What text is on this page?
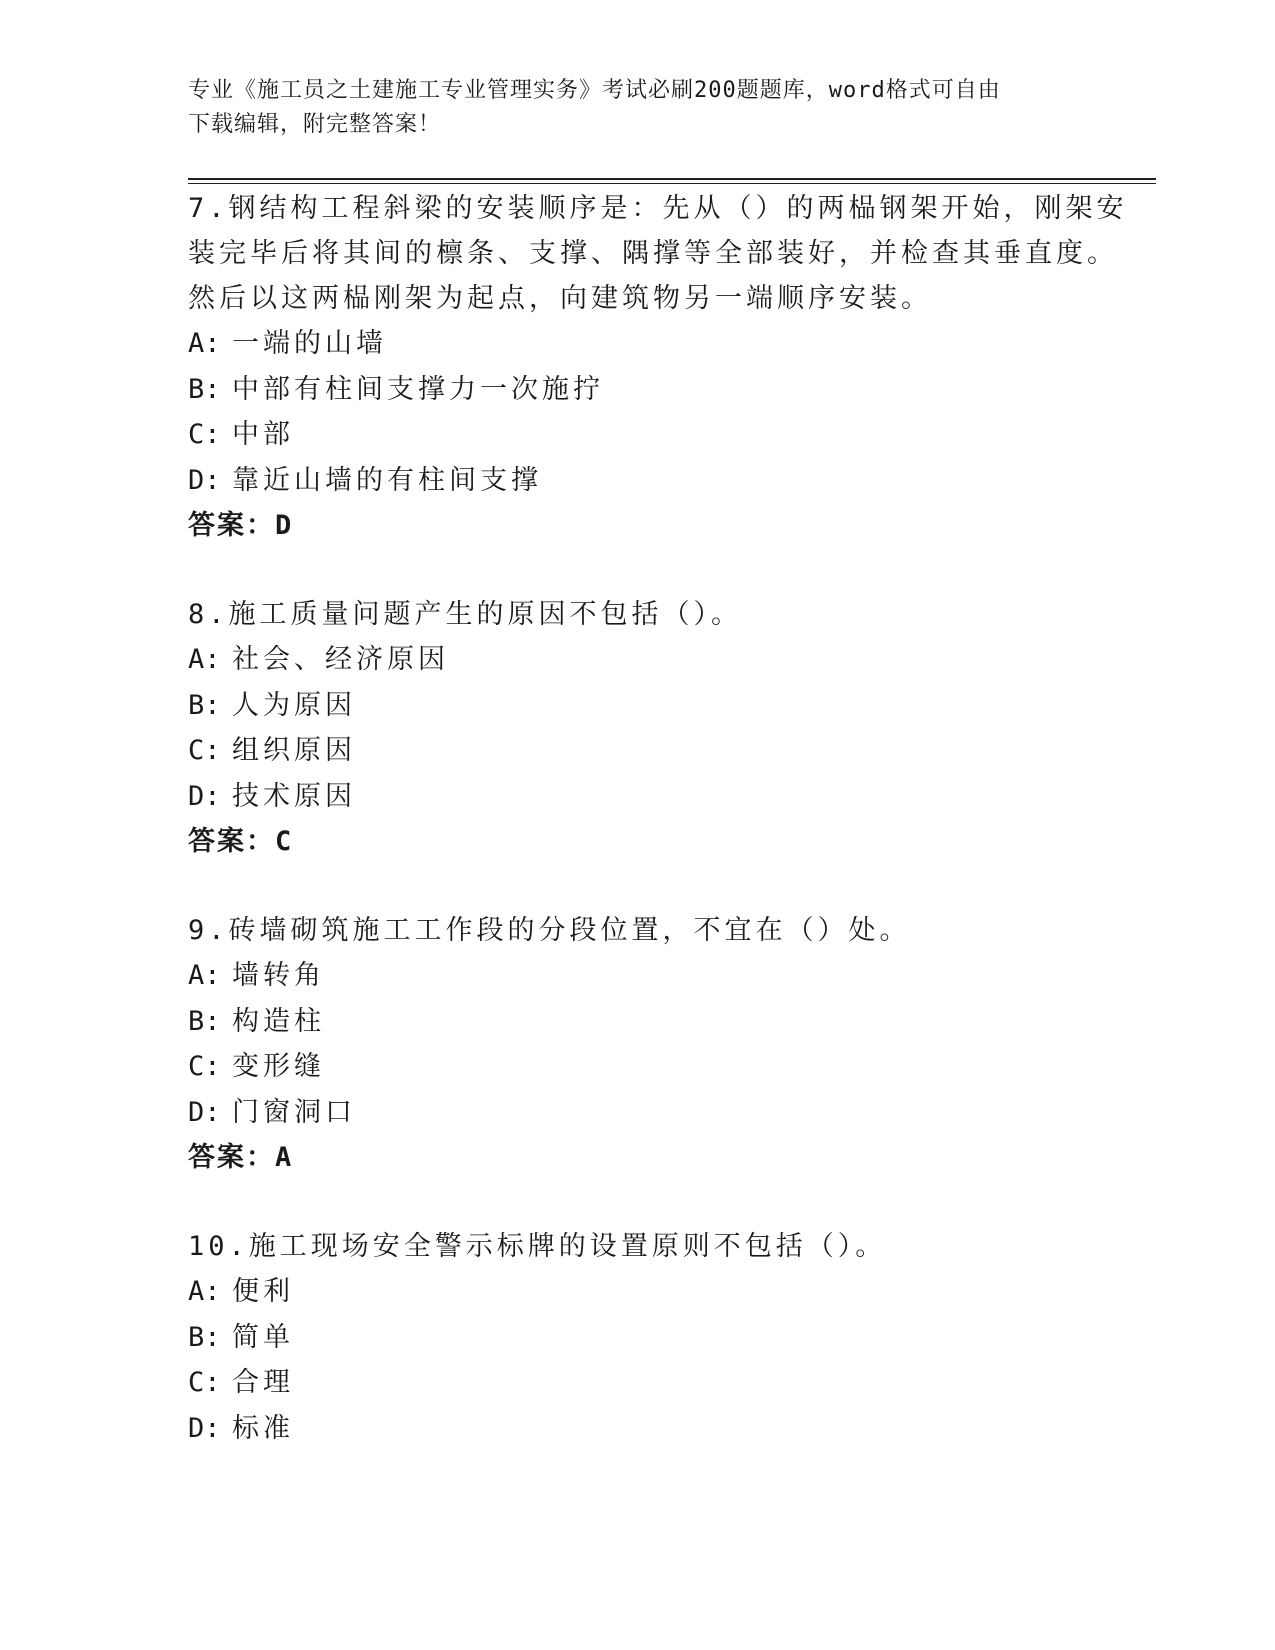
专业《施工员之土建施工专业管理实务》考试必刷200题题库，word格式可自由
下载编辑，附完整答案！
7.钢结构工程斜梁的安装顺序是：先从（）的两榀钢架开始，刚架安
装完毕后将其间的檩条、支撑、隅撑等全部装好，并检查其垂直度。
然后以这两榀刚架为起点，向建筑物另一端顺序安装。
A: 一端的山墙
B: 中部有柱间支撑力一次施拧
C: 中部
D: 靠近山墙的有柱间支撑
答案：D
8.施工质量问题产生的原因不包括（）。
A: 社会、经济原因
B: 人为原因
C: 组织原因
D: 技术原因
答案：C
9.砖墙砌筑施工工作段的分段位置，不宜在（）处。
A: 墙转角
B: 构造柱
C: 变形缝
D: 门窗洞口
答案：A
10.施工现场安全警示标牌的设置原则不包括（）。
A: 便利
B: 简单
C: 合理
D: 标准
